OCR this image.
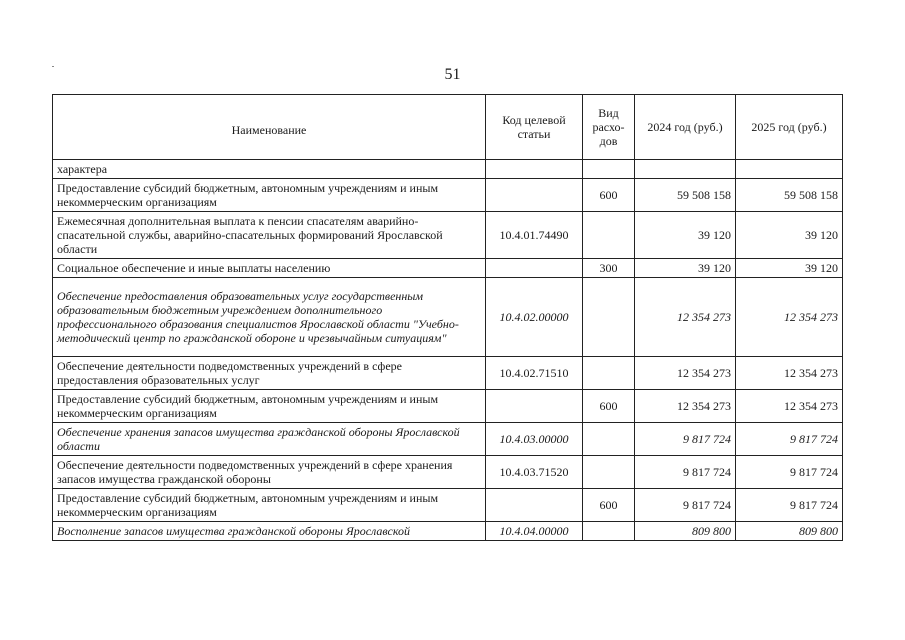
51
Наименование	Код целевой статьи	Вид расхо-дов	2024 год (руб.)	2025 год (руб.)
характера				
Предоставление субсидий бюджетным, автономным учреждениям и иным некоммерческим организациям		600	59 508 158	59 508 158
Ежемесячная дополнительная выплата к пенсии спасателям аварийно-спасательной службы, аварийно-спасательных формирований Ярославской области	10.4.01.74490		39 120	39 120
Социальное обеспечение и иные выплаты населению		300	39 120	39 120
Обеспечение предоставления образовательных услуг государственным образовательным бюджетным учреждением дополнительного профессионального образования специалистов Ярославской области "Учебно-методический центр по гражданской обороне и чрезвычайным ситуациям"	10.4.02.00000		12 354 273	12 354 273
Обеспечение деятельности подведомственных учреждений в сфере предоставления образовательных услуг	10.4.02.71510		12 354 273	12 354 273
Предоставление субсидий бюджетным, автономным учреждениям и иным некоммерческим организациям		600	12 354 273	12 354 273
Обеспечение хранения запасов имущества гражданской обороны Ярославской области	10.4.03.00000		9 817 724	9 817 724
Обеспечение деятельности подведомственных учреждений в сфере хранения запасов имущества гражданской обороны	10.4.03.71520		9 817 724	9 817 724
Предоставление субсидий бюджетным, автономным учреждениям и иным некоммерческим организациям		600	9 817 724	9 817 724
Восполнение запасов имущества гражданской обороны Ярославской	10.4.04.00000		809 800	809 800
